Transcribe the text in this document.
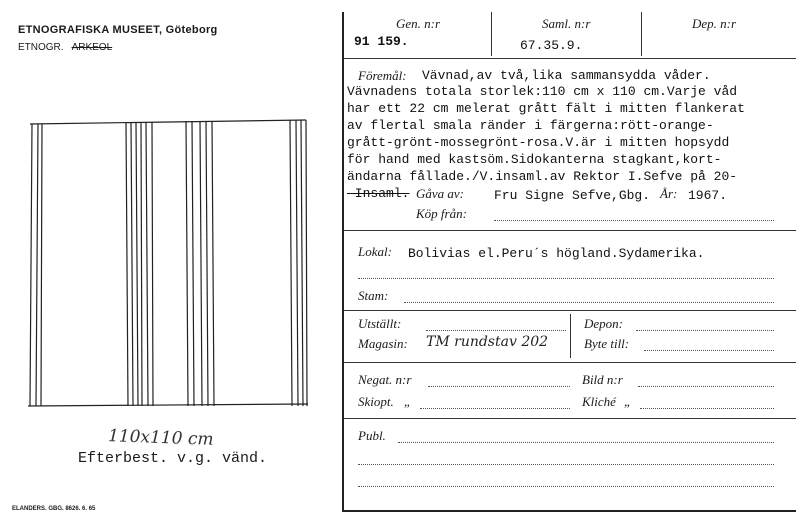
ETNOGRAFISKA MUSEET, Göteborg
ETNOGR. ARKEOL
110x110 cm
Efterbest. v.g. vänd.
ELANDERS. GBG. 8626. 6. 65
Gen. n:r
91 159.
Saml. n:r
67.35.9.
Dep. n:r
Föremål: Vävnad,av två,lika sammansydda våder.
Vävnadens totala storlek:110 cm x 110 cm.Varje våd
har ett 22 cm melerat grått fält i mitten flankerat
av flertal smala ränder i färgerna:rött-orange-
grått-grönt-mossegrönt-rosa.V.är i mitten hopsydd
för hand med kastsöm.Sidokanterna stagkant,kort-
ändarna fållade./V.insaml.av Rektor I.Sefve på 20-
-Insaml. Gåva av: Fru Signe Sefve,Gbg. År: 1967.
Köp från:
Lokal: Bolivias el.Peru´s högland.Sydamerika.
Stam:
Utställt:	Depon:
Magasin: TM rundstav 202	Byte till:
Negat. n:r	Bild n:r
Skiopt. „	Kliché „
Publ.
